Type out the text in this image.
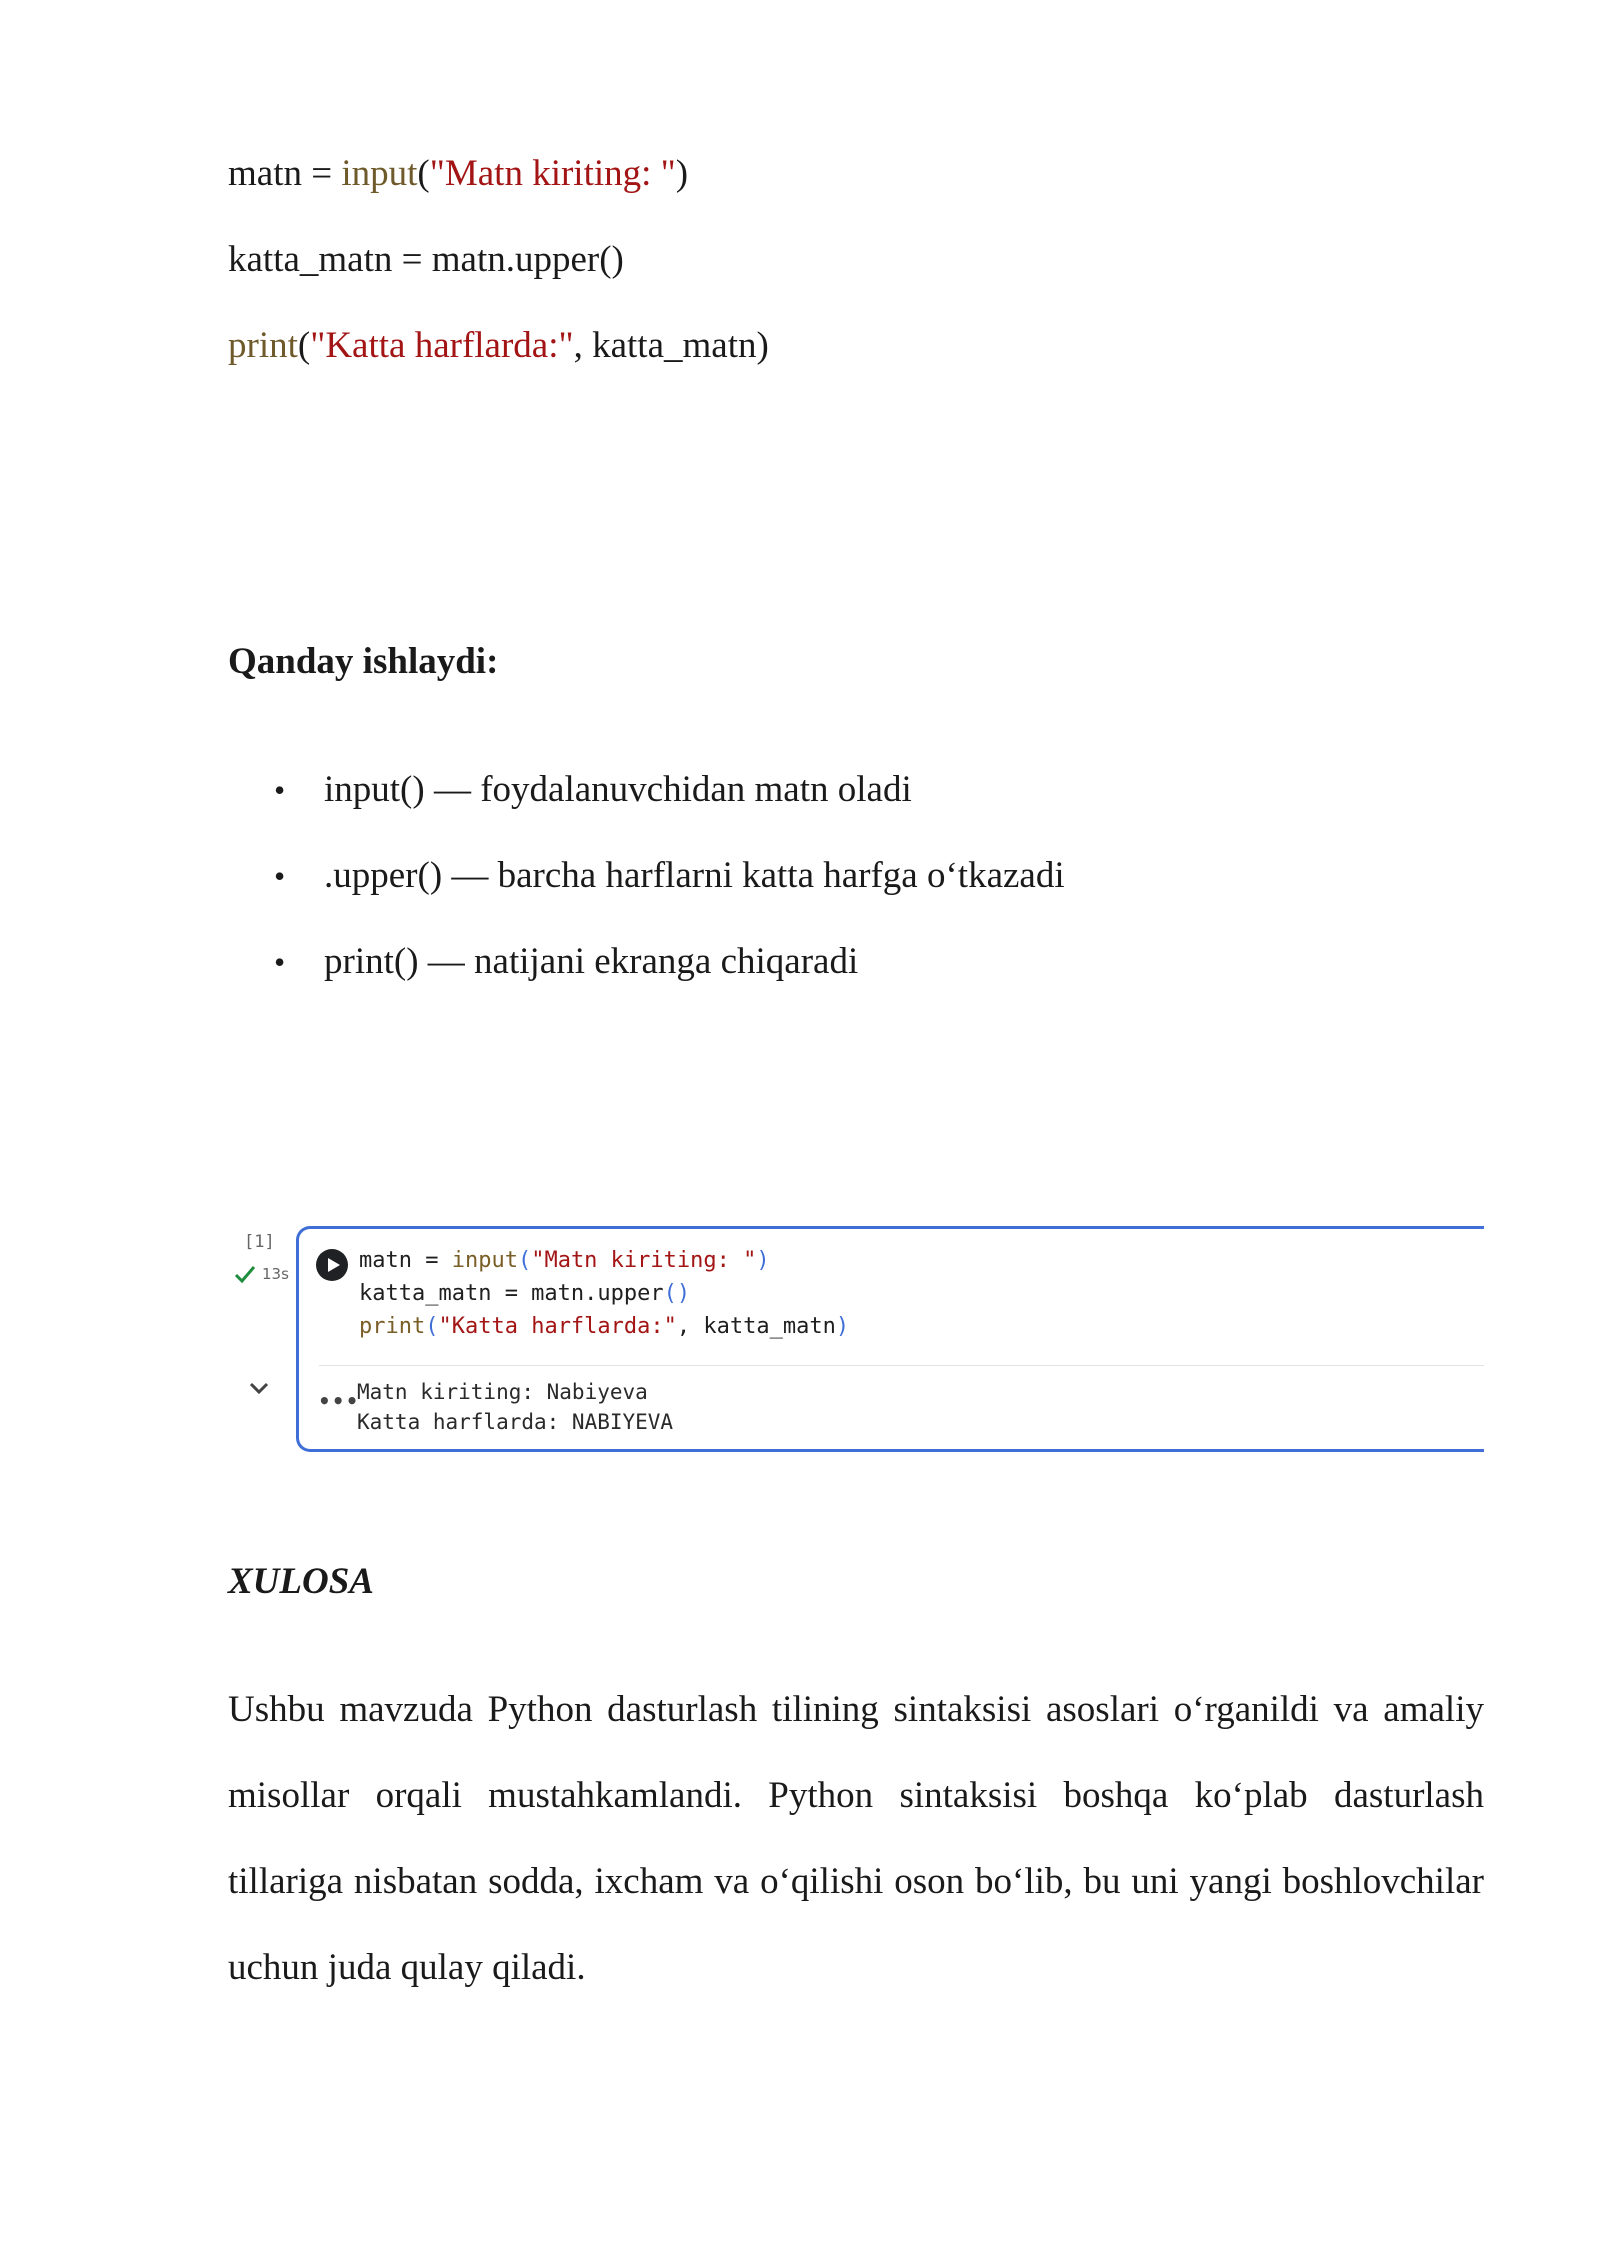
matn = input("Matn kiriting: ")
katta_matn = matn.upper()
print("Katta harflarda:", katta_matn)
Qanday ishlaydi:

•

input() — foydalanuvchidan matn oladi

•

.upper() — barcha harflarni katta harfga o‘tkazadi

•

print() — natijani ekranga chiqaradi

[1]
13s
matn = input("Matn kiriting: ")
katta_matn = matn.upper()
print("Katta harflarda:", katta_matn)
•••
Matn kiriting: Nabiyeva
Katta harflarda: NABIYEVA
XULOSA
Ushbu mavzuda Python dasturlash tilining sintaksisi asoslari o‘rganildi va amaliy
misollar orqali mustahkamlandi. Python sintaksisi boshqa ko‘plab dasturlash
tillariga nisbatan sodda, ixcham va o‘qilishi oson bo‘lib, bu uni yangi boshlovchilar
uchun juda qulay qiladi.
